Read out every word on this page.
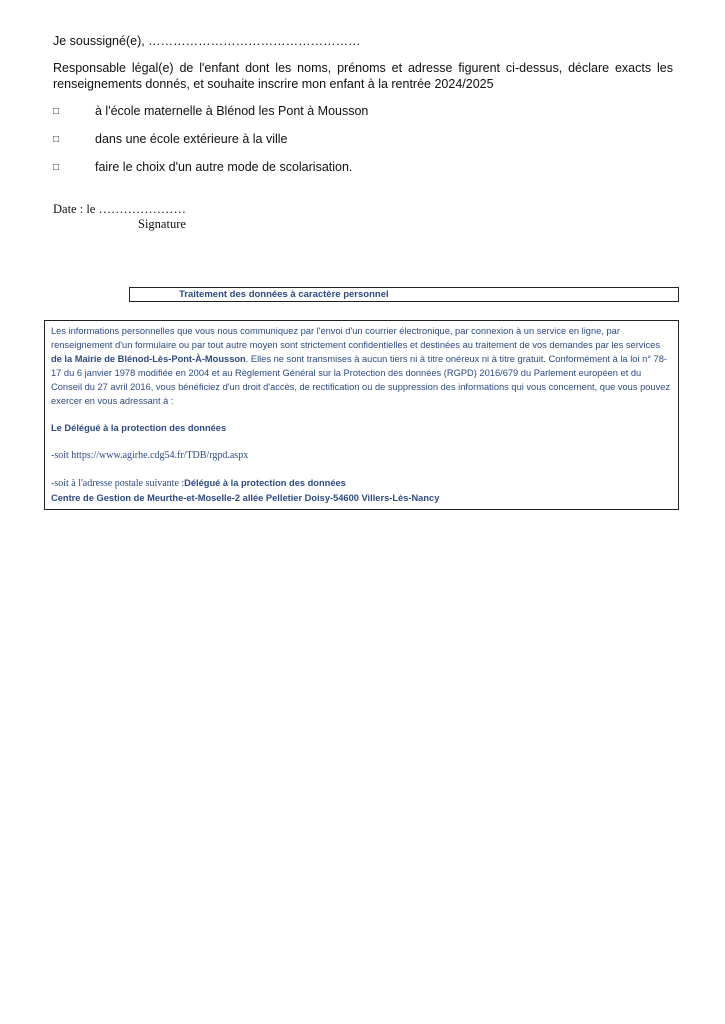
Je soussigné(e), ……………………………………………
Responsable légal(e) de l'enfant dont les noms, prénoms et adresse figurent ci-dessus, déclare exacts les renseignements donnés, et souhaite inscrire mon enfant à la rentrée 2024/2025
□	à l'école maternelle à Blénod les Pont à Mousson
□	dans une école extérieure à la ville
□	faire le choix d'un autre mode de scolarisation.
Date : le …………………
Signature
Traitement des données à caractère personnel

Les informations personnelles que vous nous communiquez par l'envoi d'un courrier électronique, par connexion à un service en ligne, par renseignement d'un formulaire ou par tout autre moyen sont strictement confidentielles et destinées au traitement de vos demandes par les services de la Mairie de Blénod-Lès-Pont-À-Mousson. Elles ne sont transmises à aucun tiers ni à titre onéreux ni à titre gratuit. Conformément à la loi n° 78-17 du 6 janvier 1978 modifiée en 2004 et au Règlement Général sur la Protection des données (RGPD) 2016/679 du Parlement européen et du Conseil du 27 avril 2016, vous bénéficiez d'un droit d'accès, de rectification ou de suppression des informations qui vous concernent, que vous pouvez exercer en vous adressant à :

Le Délégué à la protection des données

-soit https://www.agirhe.cdg54.fr/TDB/rgpd.aspx

-soit à l'adresse postale suivante :Délégué à la protection des données

Centre de Gestion de Meurthe-et-Moselle-2 allée Pelletier Doisy-54600 Villers-Lès-Nancy
